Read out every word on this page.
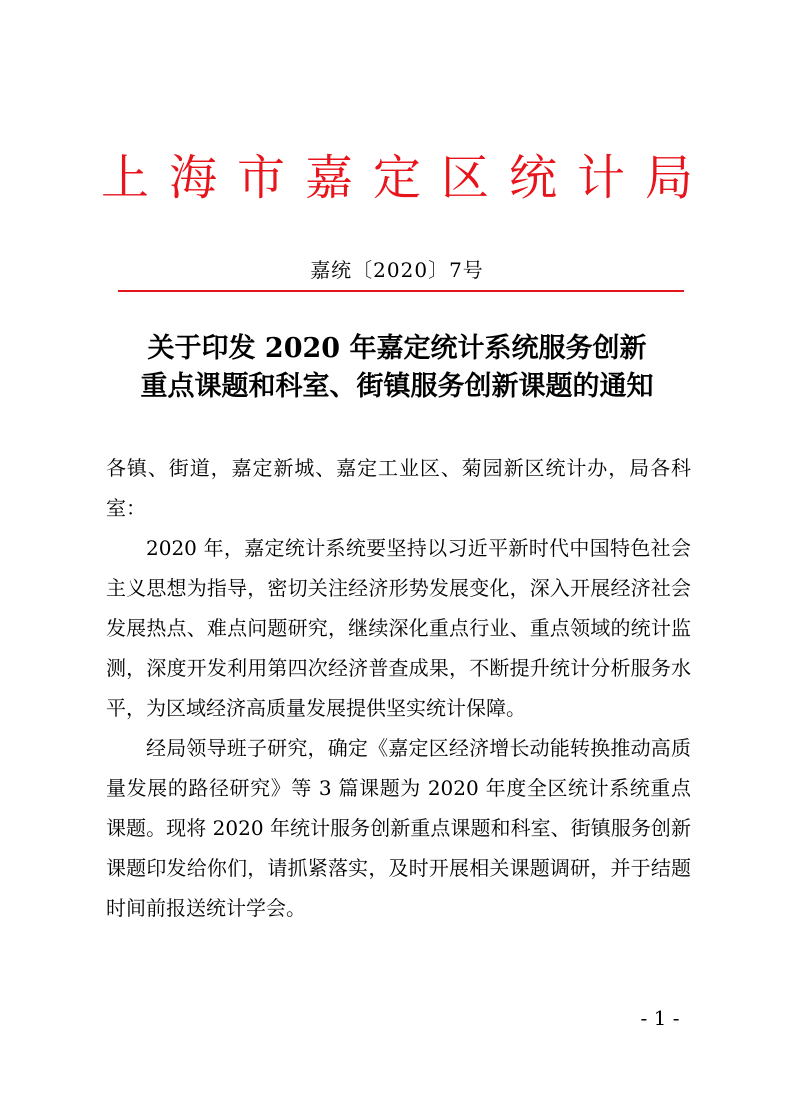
上海市嘉定区统计局
嘉统〔2020〕7号
关于印发 2020 年嘉定统计系统服务创新
重点课题和科室、街镇服务创新课题的通知

各镇、街道，嘉定新城、嘉定工业区、菊园新区统计办，局各科室：

2020 年，嘉定统计系统要坚持以习近平新时代中国特色社会主义思想为指导，密切关注经济形势发展变化，深入开展经济社会发展热点、难点问题研究，继续深化重点行业、重点领域的统计监测，深度开发利用第四次经济普查成果，不断提升统计分析服务水平，为区域经济高质量发展提供坚实统计保障。

经局领导班子研究，确定《嘉定区经济增长动能转换推动高质量发展的路径研究》等 3 篇课题为 2020 年度全区统计系统重点课题。现将 2020 年统计服务创新重点课题和科室、街镇服务创新课题印发给你们，请抓紧落实，及时开展相关课题调研，并于结题时间前报送统计学会。

- 1 -
